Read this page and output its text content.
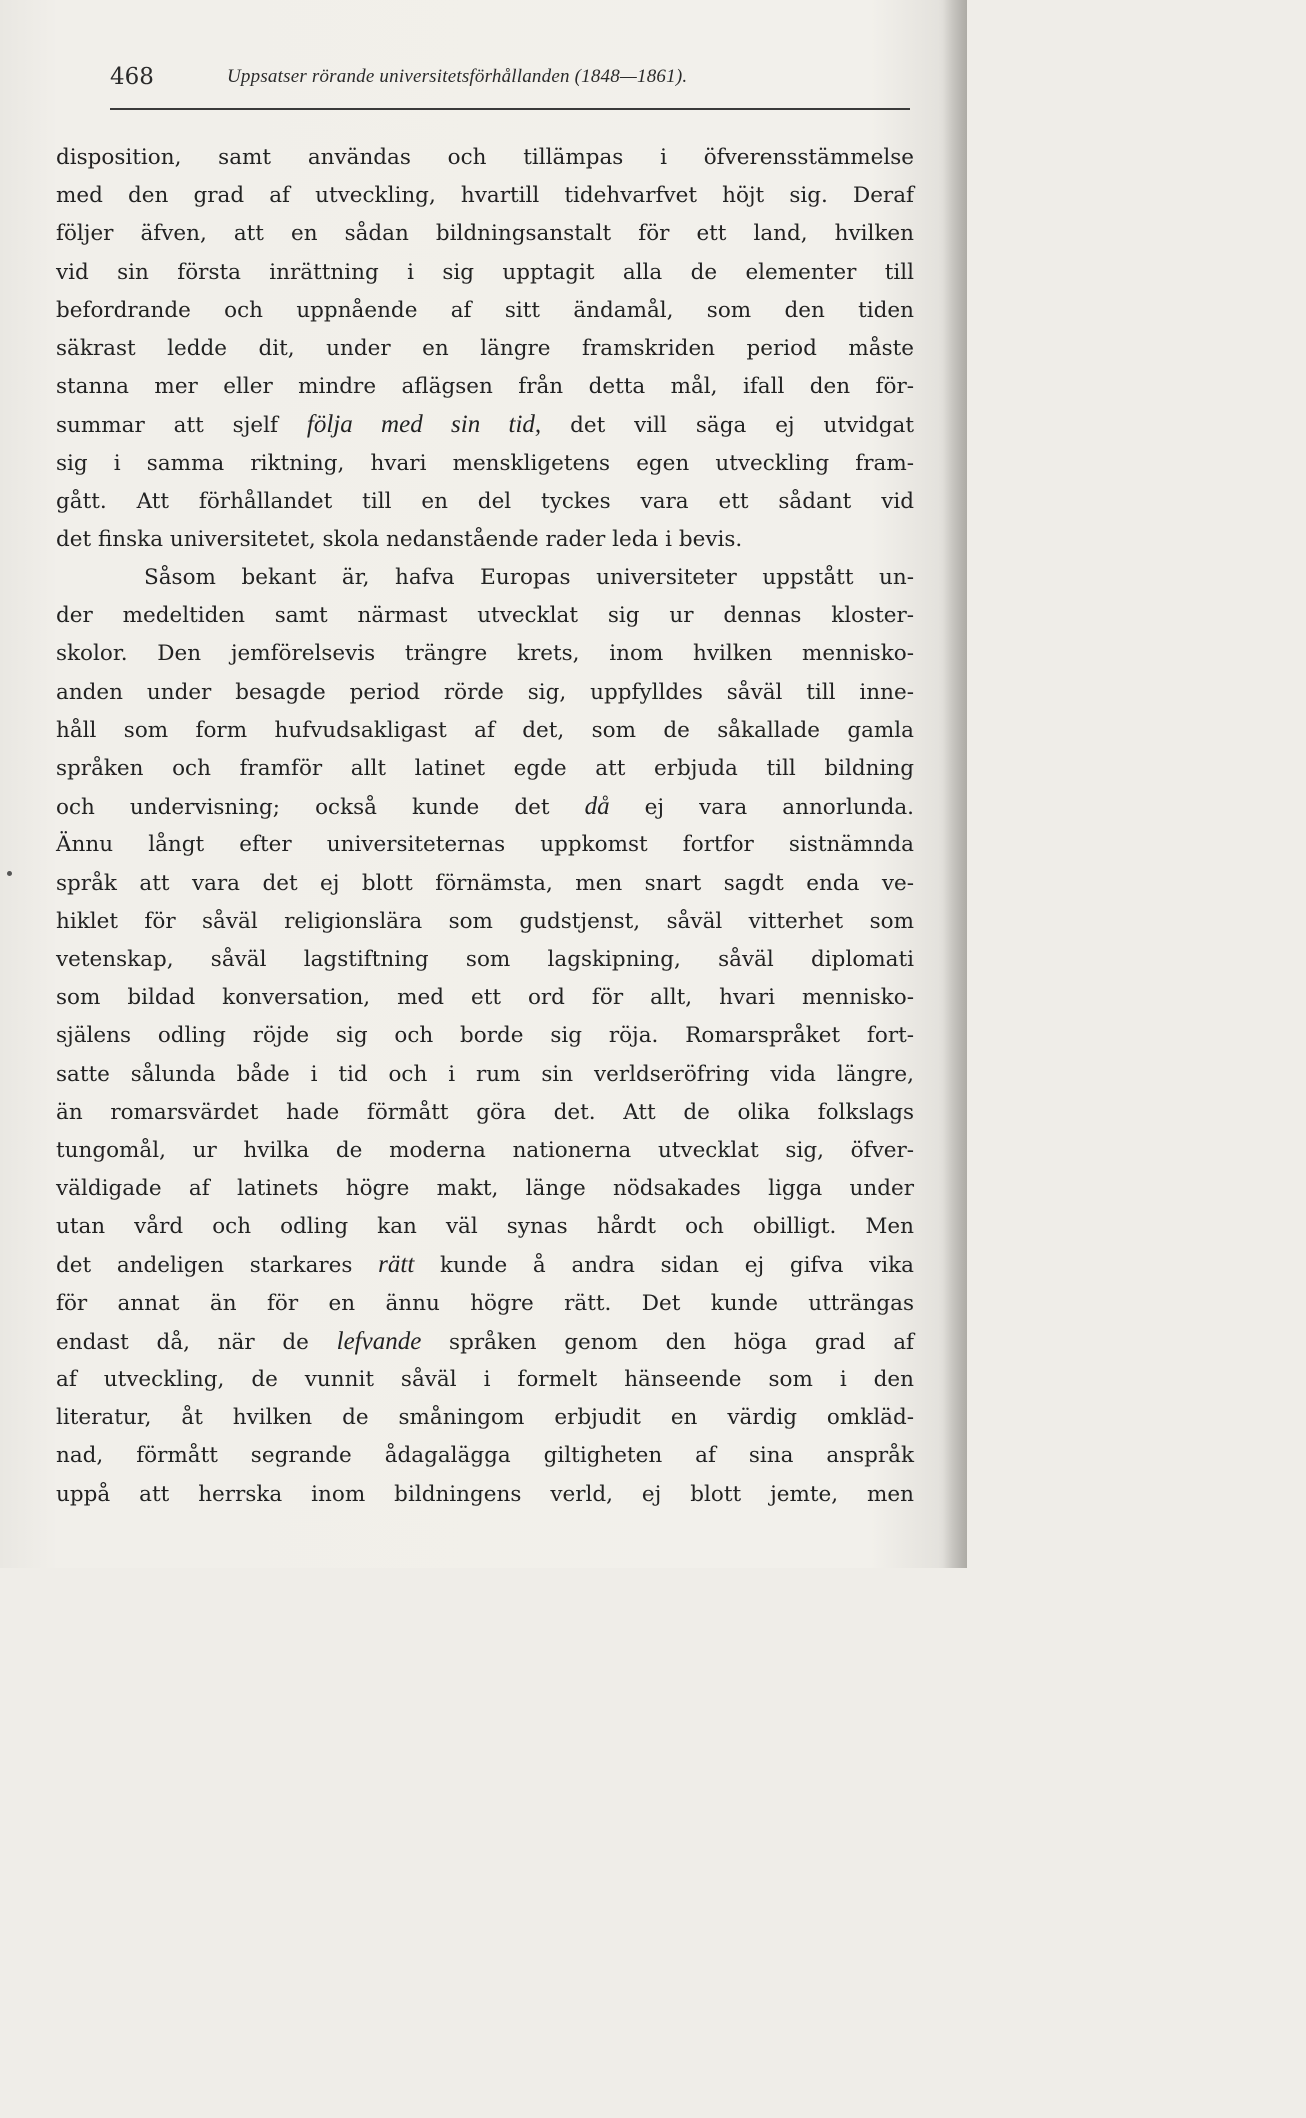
468	Uppsatser rörande universitetsförhållanden (1848—1861).
disposition, samt användas och tillämpas i öfverensstämmelse
med den grad af utveckling, hvartill tidehvarfvet höjt sig. Deraf
följer äfven, att en sådan bildningsanstalt för ett land, hvilken
vid sin första inrättning i sig upptagit alla de elementer till
befordrande och uppnående af sitt ändamål, som den tiden
säkrast ledde dit, under en längre framskriden period måste
stanna mer eller mindre aflägsen från detta mål, ifall den för-
summar att sjelf följa med sin tid, det vill säga ej utvidgat
sig i samma riktning, hvari menskligetens egen utveckling fram-
gått. Att förhållandet till en del tyckes vara ett sådant vid
det finska universitetet, skola nedanstående rader leda i bevis.
Såsom bekant är, hafva Europas universiteter uppstått un-
der medeltiden samt närmast utvecklat sig ur dennas kloster-
skolor. Den jemförelsevis trängre krets, inom hvilken mennisko-
anden under besagde period rörde sig, uppfylldes såväl till inne-
håll som form hufvudsakligast af det, som de såkallade gamla
språken och framför allt latinet egde att erbjuda till bildning
och undervisning; också kunde det då ej vara annorlunda.
Ännu långt efter universiteternas uppkomst fortfor sistnämnda
språk att vara det ej blott förnämsta, men snart sagdt enda ve-
hiklet för såväl religionslära som gudstjenst, såväl vitterhet som
vetenskap, såväl lagstiftning som lagskipning, såväl diplomati
som bildad konversation, med ett ord för allt, hvari mennisko-
själens odling röjde sig och borde sig röja. Romarspråket fort-
satte sålunda både i tid och i rum sin verldseröfring vida längre,
än romarsvärdet hade förmått göra det. Att de olika folkslags
tungomål, ur hvilka de moderna nationerna utvecklat sig, öfver-
väldigade af latinets högre makt, länge nödsakades ligga under
utan vård och odling kan väl synas hårdt och obilligt. Men
det andeligen starkares rätt kunde å andra sidan ej gifva vika
för annat än för en ännu högre rätt. Det kunde utträngas
endast då, när de lefvande språken genom den höga grad af
af utveckling, de vunnit såväl i formelt hänseende som i den
literatur, åt hvilken de småningom erbjudit en värdig omkläd-
nad, förmått segrande ådagalägga giltigheten af sina anspråk
uppå att herrska inom bildningens verld, ej blott jemte, men
